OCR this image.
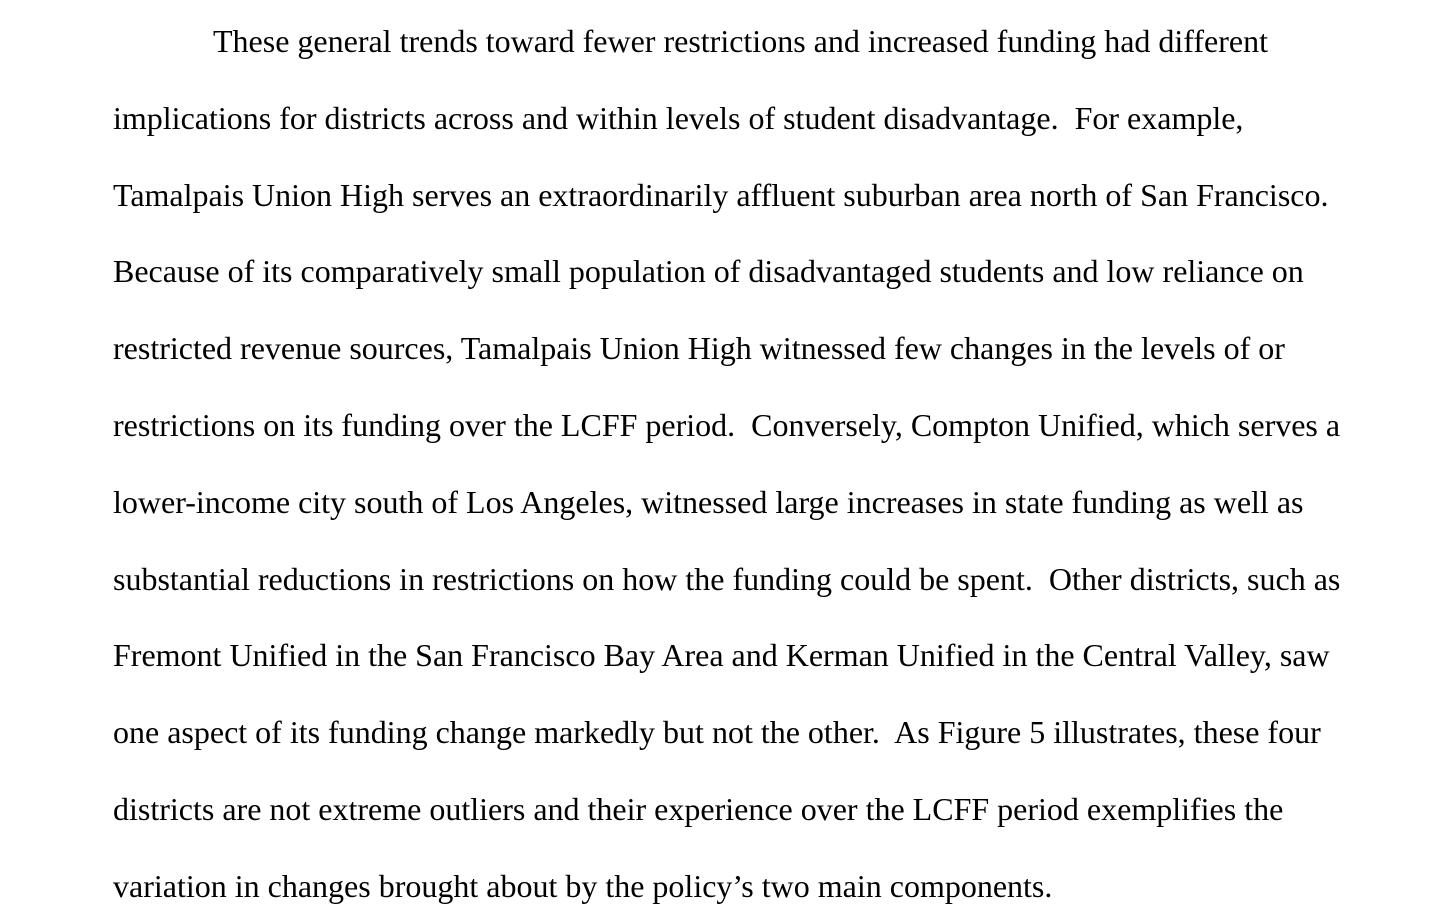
These general trends toward fewer restrictions and increased funding had different

implications for districts across and within levels of student disadvantage.  For example,

Tamalpais Union High serves an extraordinarily affluent suburban area north of San Francisco.

Because of its comparatively small population of disadvantaged students and low reliance on

restricted revenue sources, Tamalpais Union High witnessed few changes in the levels of or

restrictions on its funding over the LCFF period.  Conversely, Compton Unified, which serves a

lower-income city south of Los Angeles, witnessed large increases in state funding as well as

substantial reductions in restrictions on how the funding could be spent.  Other districts, such as

Fremont Unified in the San Francisco Bay Area and Kerman Unified in the Central Valley, saw

one aspect of its funding change markedly but not the other.  As Figure 5 illustrates, these four

districts are not extreme outliers and their experience over the LCFF period exemplifies the

variation in changes brought about by the policy’s two main components.
